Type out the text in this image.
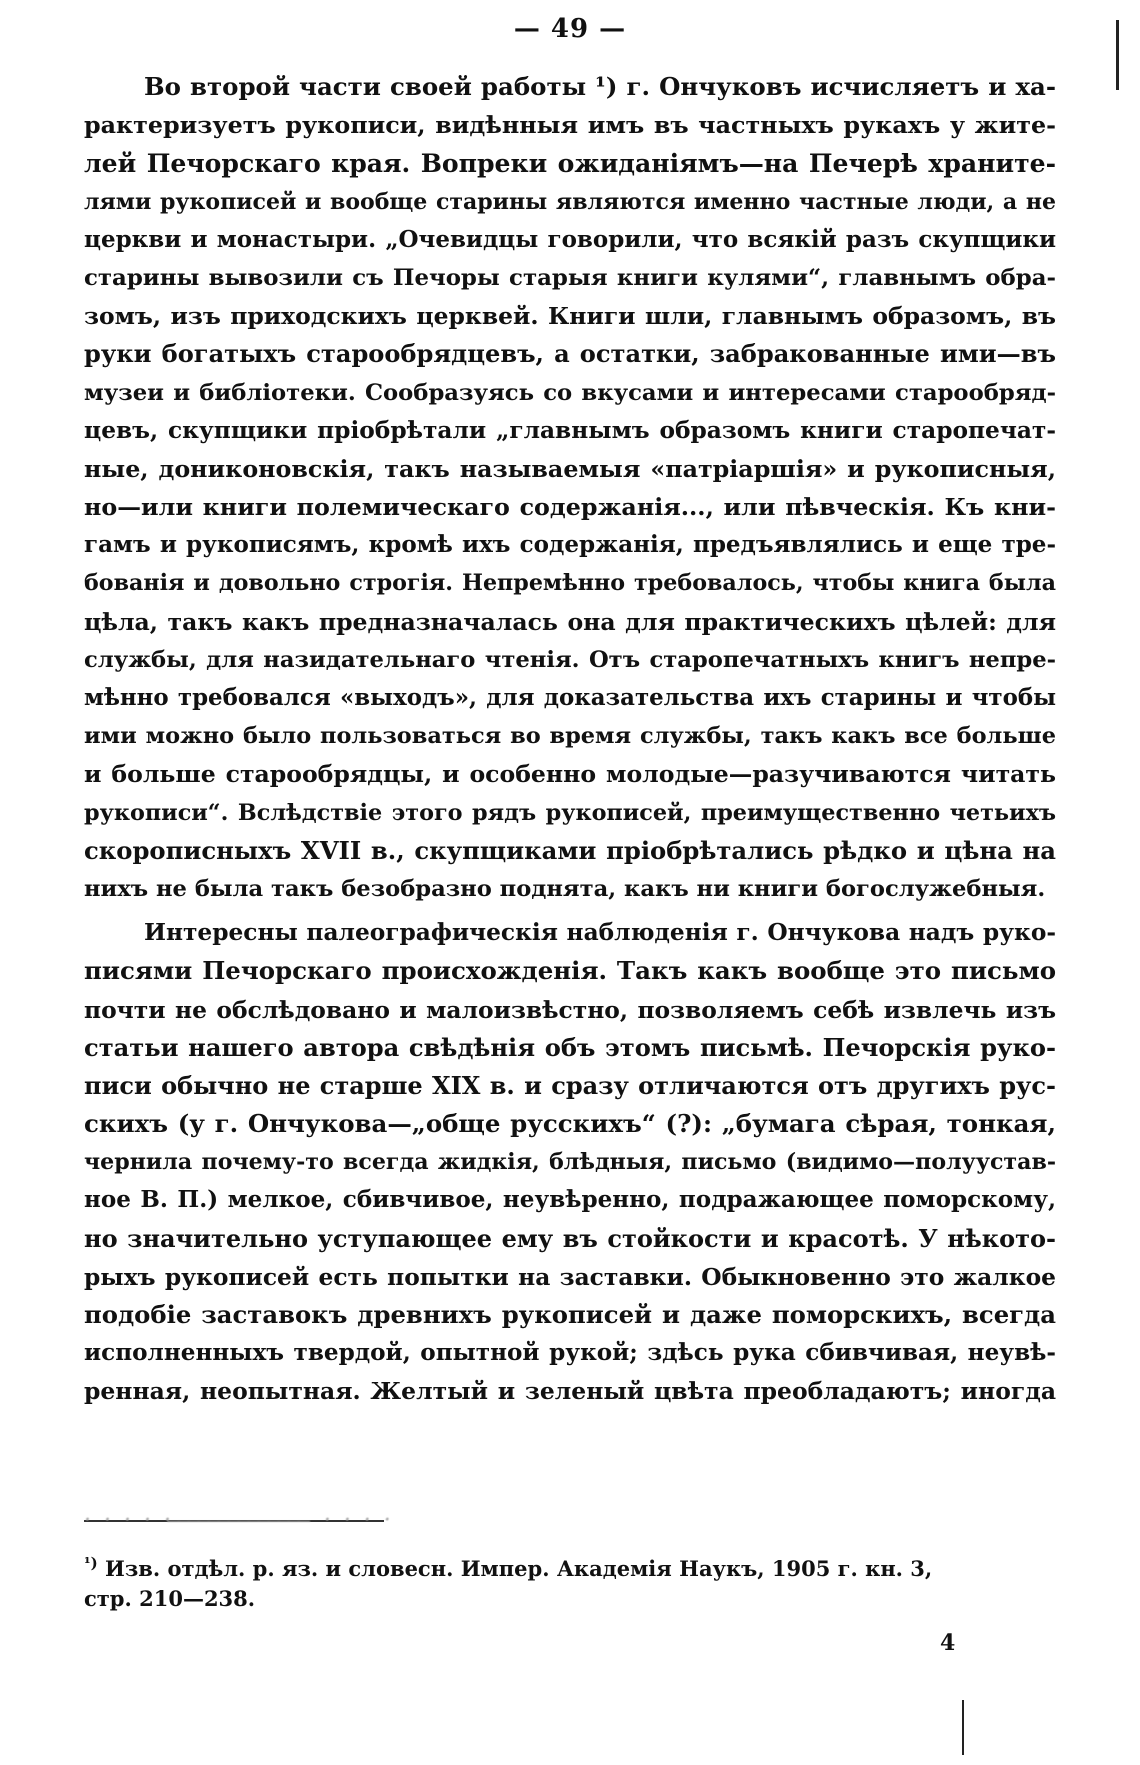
— 49 —
Во второй части своей работы ¹) г. Ончуковъ исчисляетъ и ха-
рактеризуетъ рукописи, видѣнныя имъ въ частныхъ рукахъ у жите-
лей Печорскаго края. Вопреки ожиданіямъ—на Печерѣ храните-
лями рукописей и вообще старины являются именно частные люди, а не
церкви и монастыри. „Очевидцы говорили, что всякій разъ скупщики
старины вывозили съ Печоры старыя книги кулями“, главнымъ обра-
зомъ, изъ приходскихъ церквей. Книги шли, главнымъ образомъ, въ
руки богатыхъ старообрядцевъ, а остатки, забракованные ими—въ
музеи и библіотеки. Сообразуясь со вкусами и интересами старообряд-
цевъ, скупщики пріобрѣтали „главнымъ образомъ книги старопечат-
ные, дониконовскія, такъ называемыя «патріаршія» и рукописныя,
но—или книги полемическаго содержанія..., или пѣвческія. Къ кни-
гамъ и рукописямъ, кромѣ ихъ содержанія, предъявлялись и еще тре-
бованія и довольно строгія. Непремѣнно требовалось, чтобы книга была
цѣла, такъ какъ предназначалась она для практическихъ цѣлей: для
службы, для назидательнаго чтенія. Отъ старопечатныхъ книгъ непре-
мѣнно требовался «выходъ», для доказательства ихъ старины и чтобы
ими можно было пользоваться во время службы, такъ какъ все больше
и больше старообрядцы, и особенно молодые—разучиваются читать
рукописи“. Вслѣдствіе этого рядъ рукописей, преимущественно четьихъ
скорописныхъ XVII в., скупщиками пріобрѣтались рѣдко и цѣна на
нихъ не была такъ безобразно поднята, какъ ни книги богослужебныя.
Интересны палеографическія наблюденія г. Ончукова надъ руко-
писями Печорскаго происхожденія. Такъ какъ вообще это письмо
почти не обслѣдовано и малоизвѣстно, позволяемъ себѣ извлечь изъ
статьи нашего автора свѣдѣнія объ этомъ письмѣ. Печорскія руко-
писи обычно не старше XIX в. и сразу отличаются отъ другихъ рус-
скихъ (у г. Ончукова—„обще русскихъ“ (?): „бумага сѣрая, тонкая,
чернила почему-то всегда жидкія, блѣдныя, письмо (видимо—полуустав-
ное В. П.) мелкое, сбивчивое, неувѣренно, подражающее поморскому,
но значительно уступающее ему въ стойкости и красотѣ. У нѣкото-
рыхъ рукописей есть попытки на заставки. Обыкновенно это жалкое
подобіе заставокъ древнихъ рукописей и даже поморскихъ, всегда
исполненныхъ твердой, опытной рукой; здѣсь рука сбивчивая, неувѣ-
ренная, неопытная. Желтый и зеленый цвѣта преобладаютъ; иногда
· · · · · ̶ ̶ ̶ ̶ ̶ ̶ ̶ ̶ ̶ ̶ ̶ ̶ ̶ ̶ · · · ·
$^{^1)}$ Изв. отдѣл. р. яз. и словесн. Импер. Академія Наукъ, 1905 г. кн. 3,
стр. 210—238.
4
